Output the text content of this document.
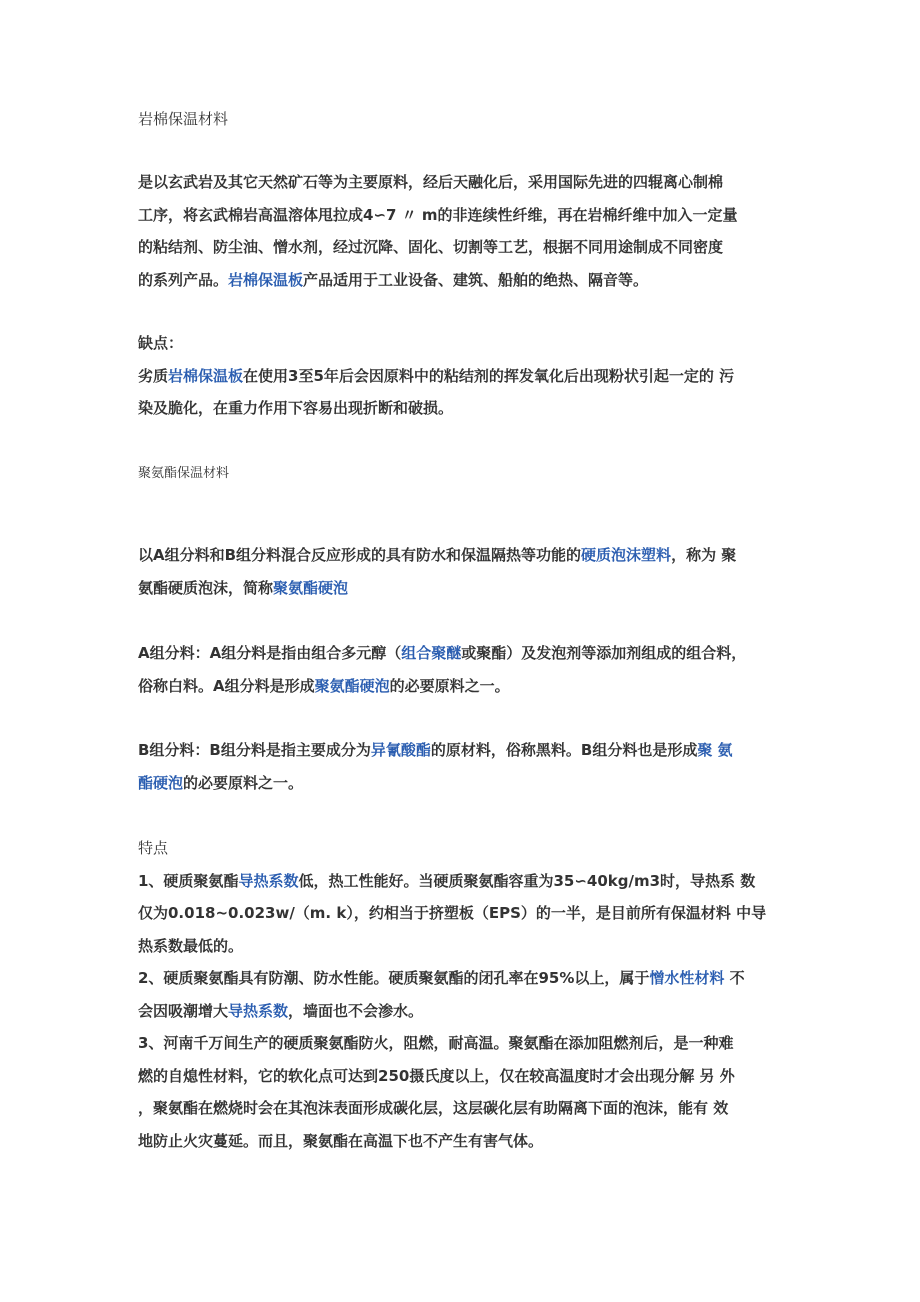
岩棉保温材料
是以玄武岩及其它天然矿石等为主要原料，经后天融化后，采用国际先进的四辊离心制棉
工序，将玄武棉岩高温溶体甩拉成4∽7 〃 m的非连续性纤维，再在岩棉纤维中加入一定量
的粘结剂、防尘油、憎水剂，经过沉降、固化、切割等工艺，根据不同用途制成不同密度
的系列产品。岩棉保温板产品适用于工业设备、建筑、船舶的绝热、隔音等。
缺点：
劣质岩棉保温板在使用3至5年后会因原料中的粘结剂的挥发氧化后出现粉状引起一定的 污
染及脆化，在重力作用下容易出现折断和破损。
聚氨酯保温材料
以A组分料和B组分料混合反应形成的具有防水和保温隔热等功能的硬质泡沫塑料，称为 聚
氨酯硬质泡沫，简称聚氨酯硬泡
A组分料：A组分料是指由组合多元醇（组合聚醚或聚酯）及发泡剂等添加剂组成的组合料，
俗称白料。A组分料是形成聚氨酯硬泡的必要原料之一。
B组分料：B组分料是指主要成分为异氰酸酯的原材料，俗称黑料。B组分料也是形成聚 氨
酯硬泡的必要原料之一。
特点
1、硬质聚氨酯导热系数低，热工性能好。当硬质聚氨酯容重为35∽40kg/m3时，导热系 数
仅为0.018~0.023w/（m. k），约相当于挤塑板（EPS）的一半，是目前所有保温材料 中导
热系数最低的。
2、硬质聚氨酯具有防潮、防水性能。硬质聚氨酯的闭孔率在95%以上，属于憎水性材料 不
会因吸潮增大导热系数，墙面也不会渗水。
3、河南千万间生产的硬质聚氨酯防火，阻燃，耐高温。聚氨酯在添加阻燃剂后，是一种难
燃的自熄性材料，它的软化点可达到250摄氏度以上，仅在较高温度时才会出现分解 另 外
，聚氨酯在燃烧时会在其泡沫表面形成碳化层，这层碳化层有助隔离下面的泡沫，能有 效
地防止火灾蔓延。而且，聚氨酯在高温下也不产生有害气体。
